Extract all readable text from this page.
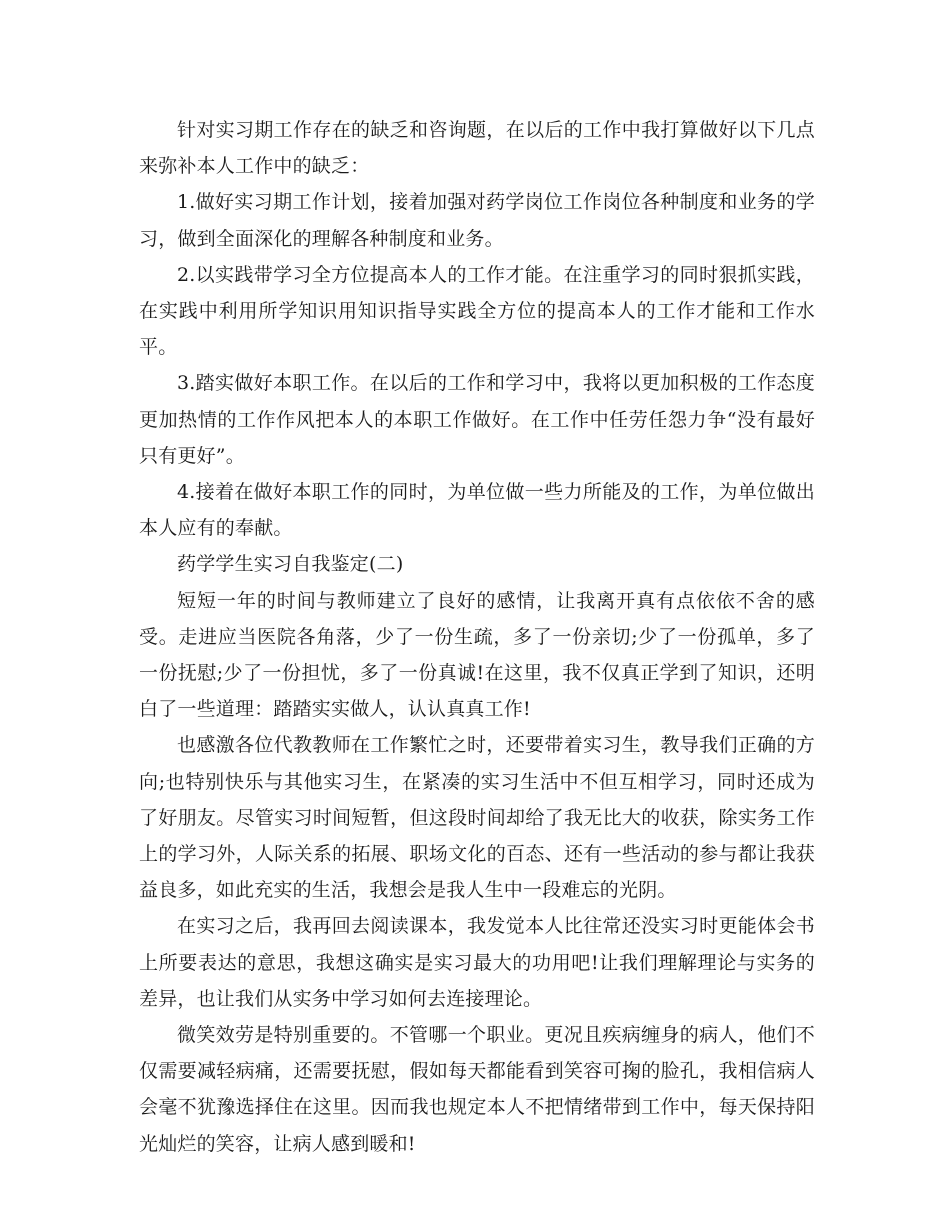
针对实习期工作存在的缺乏和咨询题，在以后的工作中我打算做好以下几点来弥补本人工作中的缺乏：

1.做好实习期工作计划，接着加强对药学岗位工作岗位各种制度和业务的学习，做到全面深化的理解各种制度和业务。

2.以实践带学习全方位提高本人的工作才能。在注重学习的同时狠抓实践，在实践中利用所学知识用知识指导实践全方位的提高本人的工作才能和工作水平。

3.踏实做好本职工作。在以后的工作和学习中，我将以更加积极的工作态度更加热情的工作作风把本人的本职工作做好。在工作中任劳任怨力争“没有最好只有更好”。

4.接着在做好本职工作的同时，为单位做一些力所能及的工作，为单位做出本人应有的奉献。

药学学生实习自我鉴定(二)

短短一年的时间与教师建立了良好的感情，让我离开真有点依依不舍的感受。走进应当医院各角落，少了一份生疏，多了一份亲切;少了一份孤单，多了一份抚慰;少了一份担忧，多了一份真诚!在这里，我不仅真正学到了知识，还明白了一些道理：踏踏实实做人，认认真真工作!

也感激各位代教教师在工作繁忙之时，还要带着实习生，教导我们正确的方向;也特别快乐与其他实习生，在紧凑的实习生活中不但互相学习，同时还成为了好朋友。尽管实习时间短暂，但这段时间却给了我无比大的收获，除实务工作上的学习外，人际关系的拓展、职场文化的百态、还有一些活动的参与都让我获益良多，如此充实的生活，我想会是我人生中一段难忘的光阴。

在实习之后，我再回去阅读课本，我发觉本人比往常还没实习时更能体会书上所要表达的意思，我想这确实是实习最大的功用吧!让我们理解理论与实务的差异，也让我们从实务中学习如何去连接理论。

微笑效劳是特别重要的。不管哪一个职业。更况且疾病缠身的病人，他们不仅需要减轻病痛，还需要抚慰，假如每天都能看到笑容可掬的脸孔，我相信病人会毫不犹豫选择住在这里。因而我也规定本人不把情绪带到工作中，每天保持阳光灿烂的笑容，让病人感到暖和!
